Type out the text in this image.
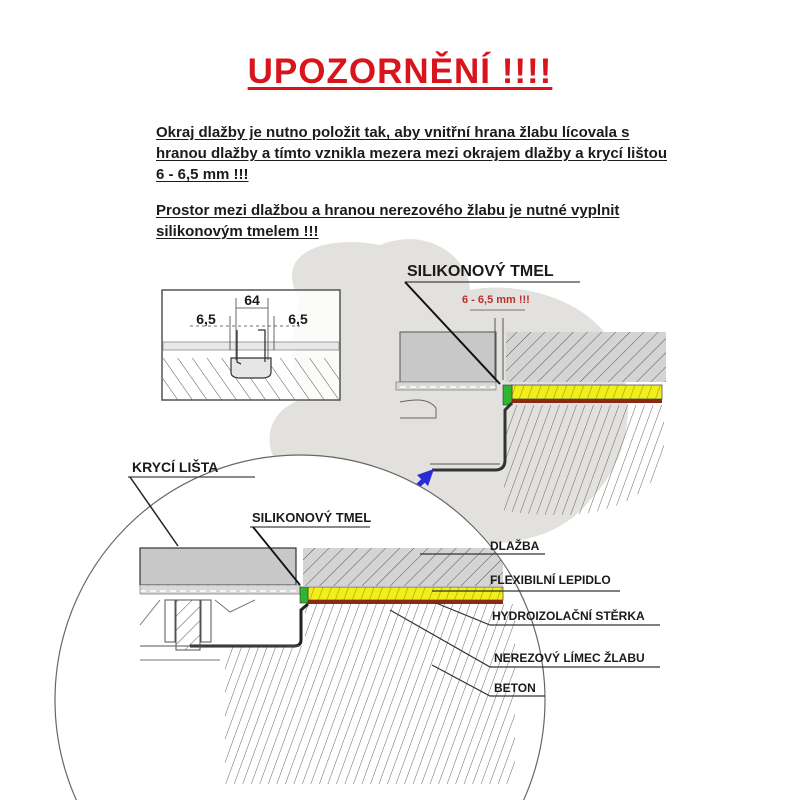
UPOZORNĚNÍ !!!!
Okraj dlažby je nutno položit tak, aby vnitřní hrana žlabu lícovala s hranou dlažby a tímto vznikla mezera mezi okrajem dlažby a krycí lištou 6 - 6,5 mm !!!
Prostor mezi dlažbou a hranou nerezového žlabu je nutné vyplnit silikonovým tmelem !!!
64
6,5	6,5
SILIKONOVÝ TMEL
6 - 6,5 mm !!!
KRYCÍ LIŠTA
SILIKONOVÝ TMEL
DLAŽBA
FLEXIBILNÍ LEPIDLO
HYDROIZOLAČNÍ STĚRKA
NEREZOVÝ LÍMEC ŽLABU
BETON
